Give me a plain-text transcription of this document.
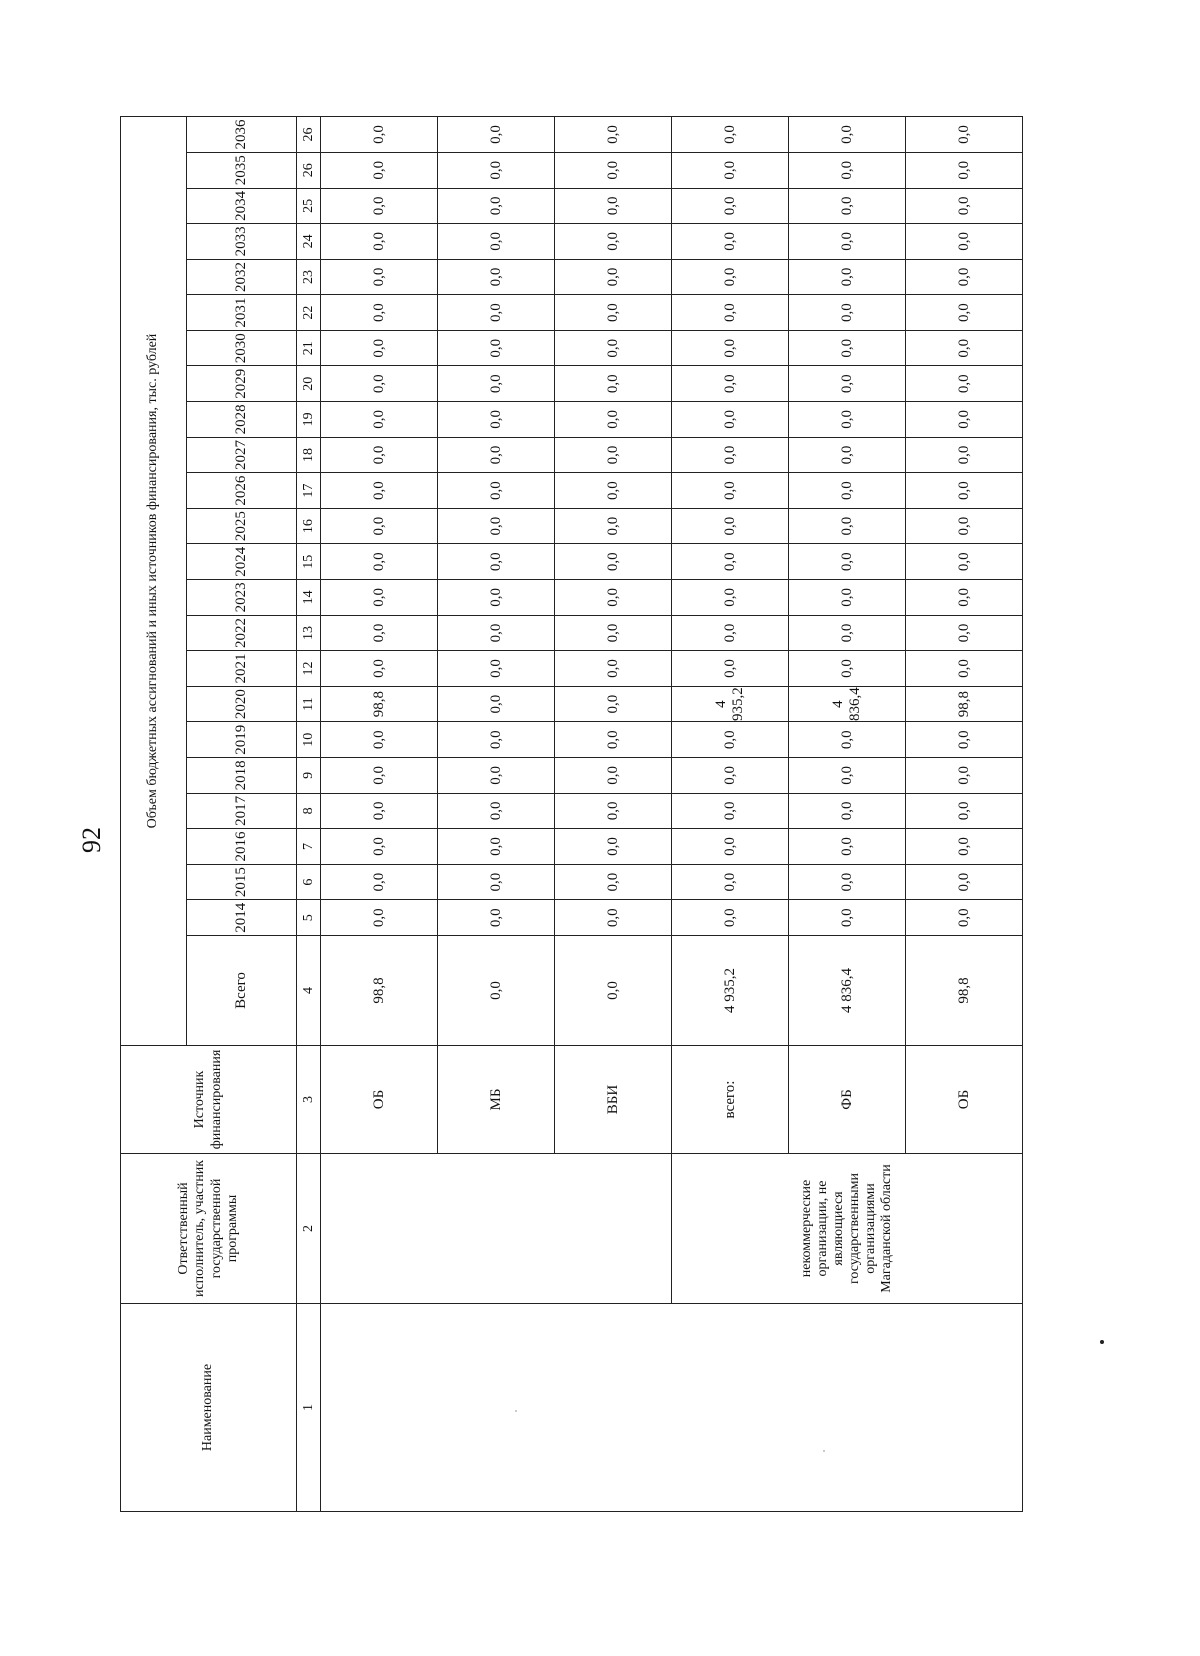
92
Наименование	Ответственный исполнитель, участник государственной программы	Источник финансирования	Объем бюджетных ассигнований и иных источников финансирования, тыс. рублей																							
			Всего	2014	2015	2016	2017	2018	2019	2020	2021	2022	2023	2024	2025	2026	2027	2028	2029	2030	2031	2032	2033	2034	2035	2036
1	2	3	4	5	6	7	8	9	10	11	12	13	14	15	16	17	18	19	20	21	22	23	24	25	26	26
		ОБ	98,8	0,0	0,0	0,0	0,0	0,0	0,0	98,8	0,0	0,0	0,0	0,0	0,0	0,0	0,0	0,0	0,0	0,0	0,0	0,0	0,0	0,0	0,0	0,0
		МБ	0,0	0,0	0,0	0,0	0,0	0,0	0,0	0,0	0,0	0,0	0,0	0,0	0,0	0,0	0,0	0,0	0,0	0,0	0,0	0,0	0,0	0,0	0,0	0,0
		ВБИ	0,0	0,0	0,0	0,0	0,0	0,0	0,0	0,0	0,0	0,0	0,0	0,0	0,0	0,0	0,0	0,0	0,0	0,0	0,0	0,0	0,0	0,0	0,0	0,0
	некоммерческие организации, не являющиеся государственными организациями Магаданской области	всего:	4 935,2	0,0	0,0	0,0	0,0	0,0	0,0	4 935,2	0,0	0,0	0,0	0,0	0,0	0,0	0,0	0,0	0,0	0,0	0,0	0,0	0,0	0,0	0,0	0,0
		ФБ	4 836,4	0,0	0,0	0,0	0,0	0,0	0,0	4 836,4	0,0	0,0	0,0	0,0	0,0	0,0	0,0	0,0	0,0	0,0	0,0	0,0	0,0	0,0	0,0	0,0
		ОБ	98,8	0,0	0,0	0,0	0,0	0,0	0,0	98,8	0,0	0,0	0,0	0,0	0,0	0,0	0,0	0,0	0,0	0,0	0,0	0,0	0,0	0,0	0,0	0,0
